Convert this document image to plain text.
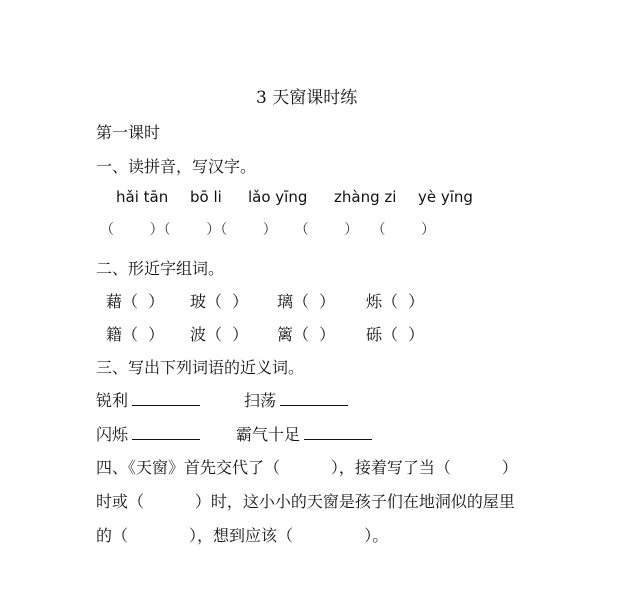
3 天窗课时练
第一课时
一、读拼音，写汉字。
hǎi tān bō li lǎo yīng zhàng zi yè yīng
（        ）（        ）（        ）    （        ）   （        ）
二、形近字组词。
藉（  ） 玻（  ） 璃（  ） 烁（  ）
籍（  ） 波（  ） 篱（  ） 砾（  ）
三、写出下列词语的近义词。
锐利	扫荡
闪烁	霸气十足
四、《天窗》首先交代了（          ），接着写了当（          ）
时或（          ）时，这小小的天窗是孩子们在地洞似的屋里
的（            ），想到应该（              ）。
